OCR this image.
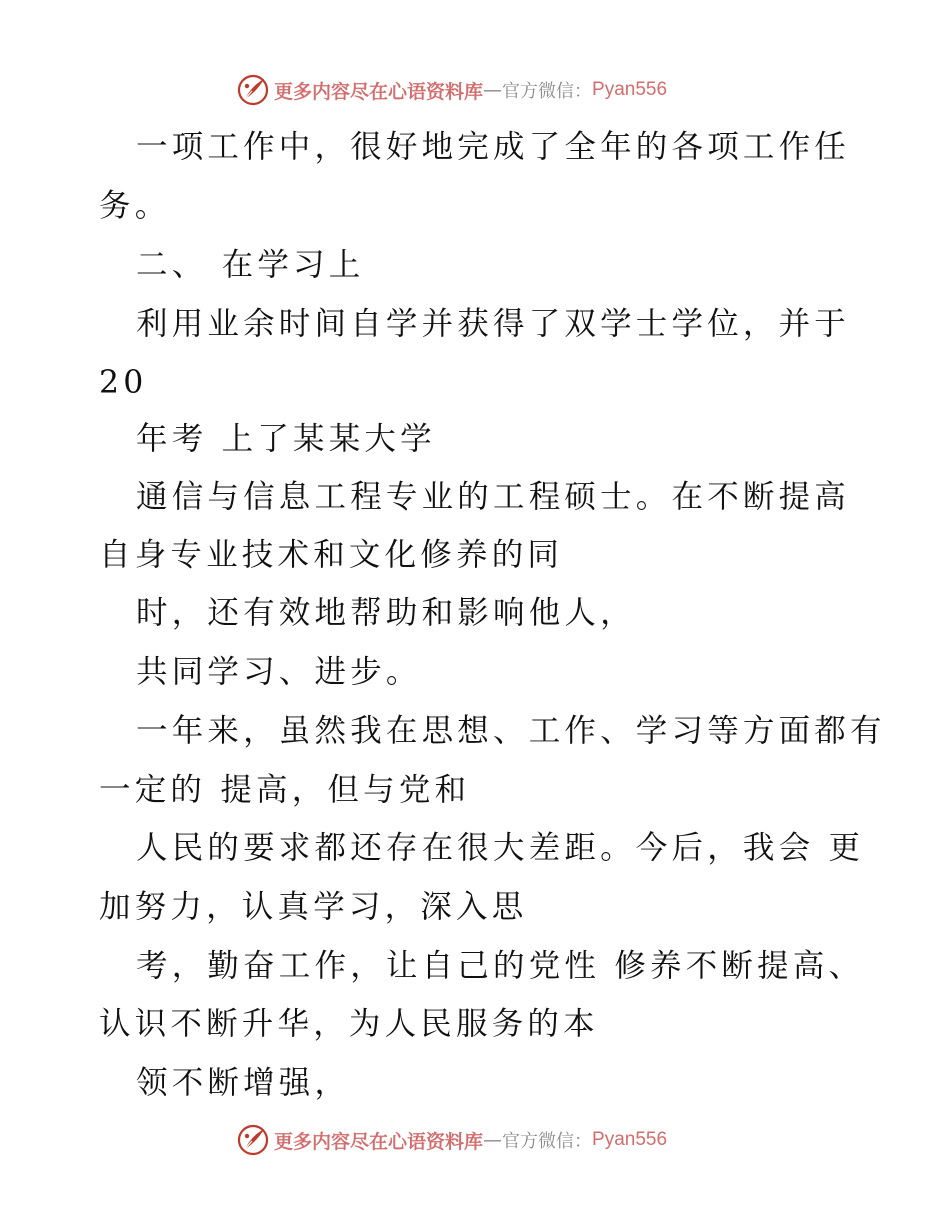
更多内容尽在心语资料库 — 官方微信： Pyan556

一项工作中，很好地完成了全年的各项工作任

务。

二、 在学习上

利用业余时间自学并获得了双学士学位，并于

20

年考 上了某某大学

通信与信息工程专业的工程硕士。在不断提高

自身专业技术和文化修养的同

时，还有效地帮助和影响他人，

共同学习、进步。

一年来，虽然我在思想、工作、学习等方面都有

一定的 提高，但与党和

人民的要求都还存在很大差距。今后，我会 更

加努力，认真学习，深入思

考，勤奋工作，让自己的党性 修养不断提高、

认识不断升华，为人民服务的本

领不断增强，

更多内容尽在心语资料库 — 官方微信： Pyan556
